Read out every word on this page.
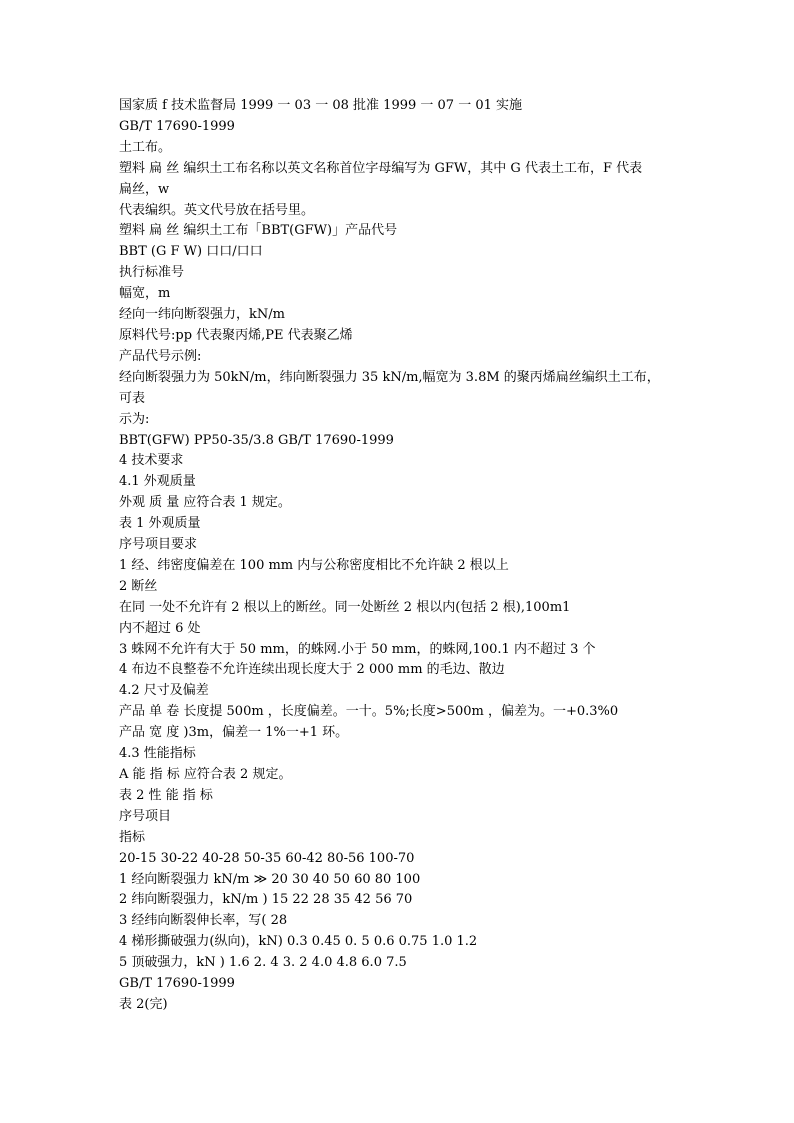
国家质 f 技术监督局 1999 一 03 一 08 批准 1999 一 07 一 01 实施
GB/T 17690-1999
土工布。
塑料 扁 丝 编织土工布名称以英文名称首位字母编写为 GFW，其中 G 代表土工布，F 代表
扁丝，w
代表编织。英文代号放在括号里。
塑料 扁 丝 编织土工布「BBT(GFW)」产品代号
BBT (G F W) 口口/口口
执行标准号
幅宽，m
经向一纬向断裂强力，kN/m
原料代号:pp 代表聚丙烯,PE 代表聚乙烯
产品代号示例:
经向断裂强力为 50kN/m，纬向断裂强力 35 kN/m,幅宽为 3.8M 的聚丙烯扁丝编织土工布，
可表
示为:
BBT(GFW) PP50-35/3.8 GB/T 17690-1999
4 技术要求
4.1 外观质量
外观 质 量 应符合表 1 规定。
表 1 外观质量
序号项目要求
1 经、纬密度偏差在 100 mm 内与公称密度相比不允许缺 2 根以上
2 断丝
在同 一处不允许有 2 根以上的断丝。同一处断丝 2 根以内(包括 2 根),100m1
内不超过 6 处
3 蛛网不允许有大于 50 mm，的蛛网.小于 50 mm，的蛛网,100.1 内不超过 3 个
4 布边不良整卷不允许连续出现长度大于 2 000 mm 的毛边、散边
4.2 尺寸及偏差
产品 单 卷 长度提 500m ，长度偏差。一十。5%;长度>500m ，偏差为。一+0.3%0
产品 宽 度 )3m，偏差一 1%一+1 环。
4.3 性能指标
A 能 指 标 应符合表 2 规定。
表 2 性 能 指 标
序号项目
指标
20-15 30-22 40-28 50-35 60-42 80-56 100-70
1 经向断裂强力 kN/m ≫ 20 30 40 50 60 80 100
2 纬向断裂强力，kN/m ) 15 22 28 35 42 56 70
3 经纬向断裂伸长率，写( 28
4 梯形撕破强力(纵向)，kN) 0.3 0.45 0. 5 0.6 0.75 1.0 1.2
5 顶破强力，kN ) 1.6 2. 4 3. 2 4.0 4.8 6.0 7.5
GB/T 17690-1999
表 2(完)
